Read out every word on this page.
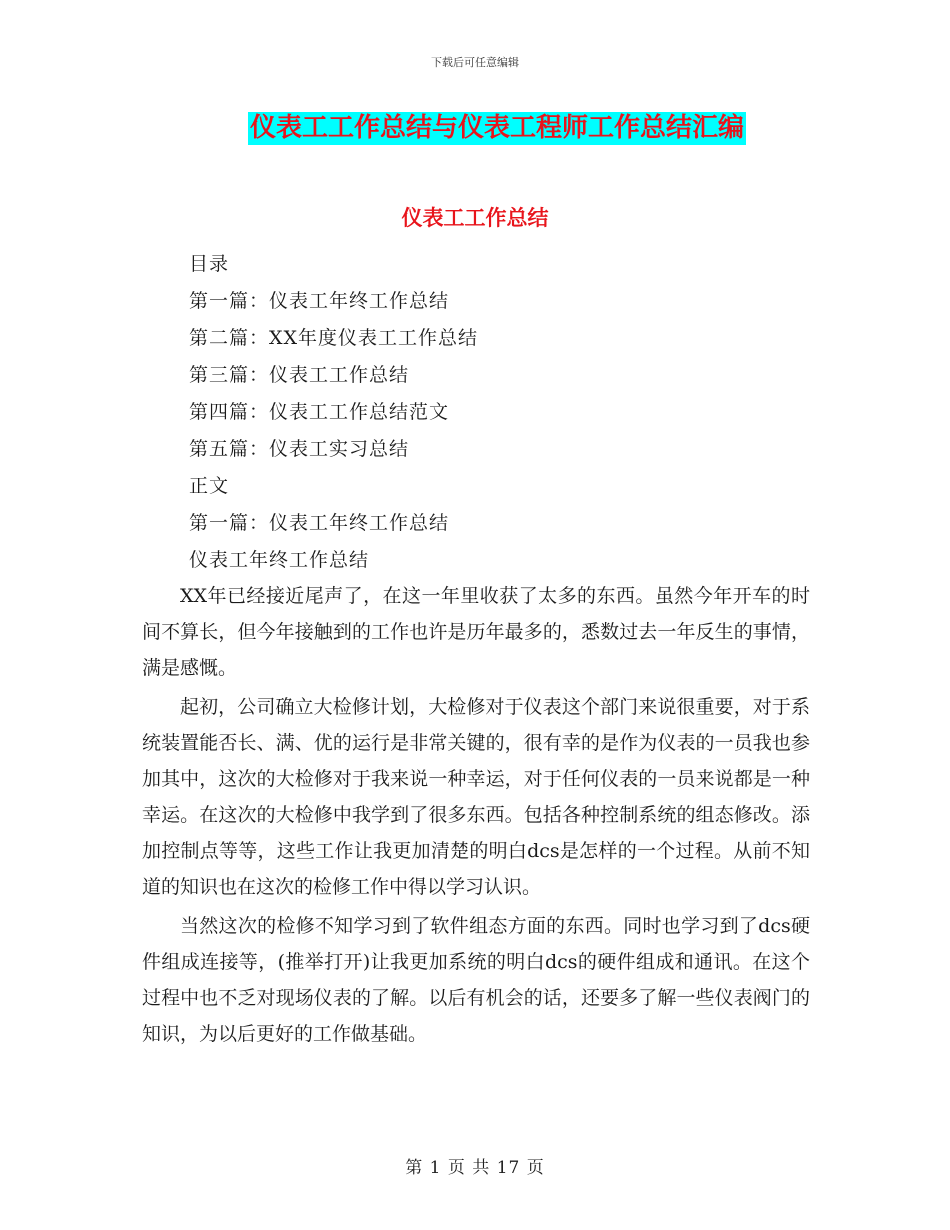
下载后可任意编辑
仪表工工作总结与仪表工程师工作总结汇编
仪表工工作总结
目录
第一篇：仪表工年终工作总结
第二篇：XX年度仪表工工作总结
第三篇：仪表工工作总结
第四篇：仪表工工作总结范文
第五篇：仪表工实习总结
正文
第一篇：仪表工年终工作总结
仪表工年终工作总结

XX年已经接近尾声了，在这一年里收获了太多的东西。虽然今年开车的时间不算长，但今年接触到的工作也许是历年最多的，悉数过去一年反生的事情，满是感慨。

起初，公司确立大检修计划，大检修对于仪表这个部门来说很重要，对于系统装置能否长、满、优的运行是非常关键的，很有幸的是作为仪表的一员我也参加其中，这次的大检修对于我来说一种幸运，对于任何仪表的一员来说都是一种幸运。在这次的大检修中我学到了很多东西。包括各种控制系统的组态修改。添加控制点等等，这些工作让我更加清楚的明白dcs是怎样的一个过程。从前不知道的知识也在这次的检修工作中得以学习认识。

当然这次的检修不知学习到了软件组态方面的东西。同时也学习到了dcs硬件组成连接等，(推举打开)让我更加系统的明白dcs的硬件组成和通讯。在这个过程中也不乏对现场仪表的了解。以后有机会的话，还要多了解一些仪表阀门的知识，为以后更好的工作做基础。

第 1 页 共 17 页
